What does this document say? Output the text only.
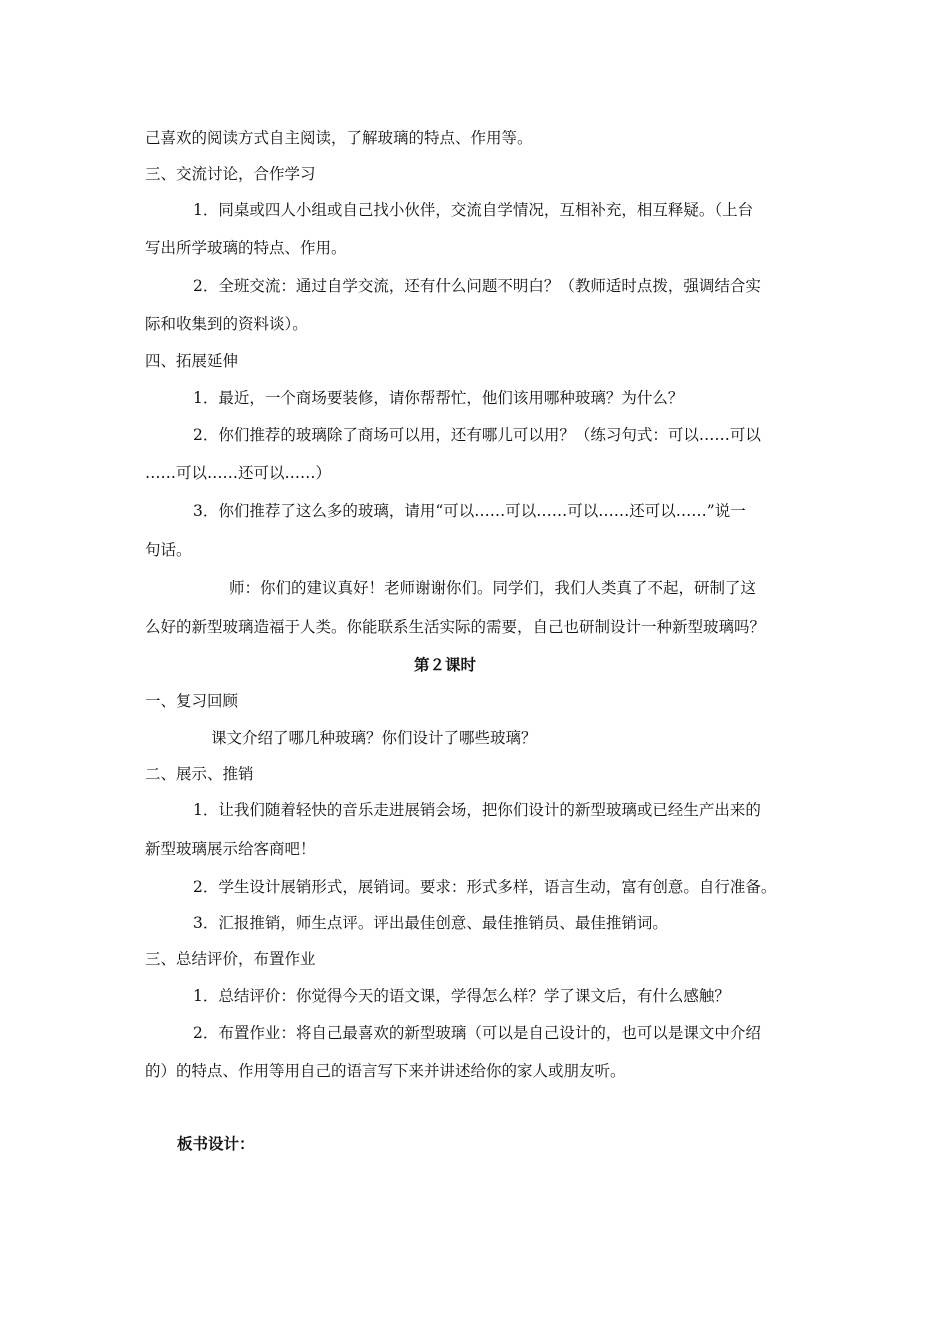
己喜欢的阅读方式自主阅读，了解玻璃的特点、作用等。
三、交流讨论，合作学习
1．同桌或四人小组或自己找小伙伴，交流自学情况，互相补充，相互释疑。（上台
写出所学玻璃的特点、作用。
2．全班交流：通过自学交流，还有什么问题不明白？（教师适时点拨，强调结合实
际和收集到的资料谈）。
四、拓展延伸
1．最近，一个商场要装修，请你帮帮忙，他们该用哪种玻璃？为什么？
2．你们推荐的玻璃除了商场可以用，还有哪儿可以用？（练习句式：可以……可以
……可以……还可以……）
3．你们推荐了这么多的玻璃，请用“可以……可以……可以……还可以……”说一
句话。
师：你们的建议真好！老师谢谢你们。同学们，我们人类真了不起，研制了这
么好的新型玻璃造福于人类。你能联系生活实际的需要，自己也研制设计一种新型玻璃吗？
第２课时
一、复习回顾
课文介绍了哪几种玻璃？你们设计了哪些玻璃？
二、展示、推销
1．让我们随着轻快的音乐走进展销会场，把你们设计的新型玻璃或已经生产出来的
新型玻璃展示给客商吧！
2．学生设计展销形式，展销词。要求：形式多样，语言生动，富有创意。自行准备。
3．汇报推销，师生点评。评出最佳创意、最佳推销员、最佳推销词。
三、总结评价，布置作业
1．总结评价：你觉得今天的语文课，学得怎么样？学了课文后，有什么感触？
2．布置作业：将自己最喜欢的新型玻璃（可以是自己设计的，也可以是课文中介绍
的）的特点、作用等用自己的语言写下来并讲述给你的家人或朋友听。
板书设计：
